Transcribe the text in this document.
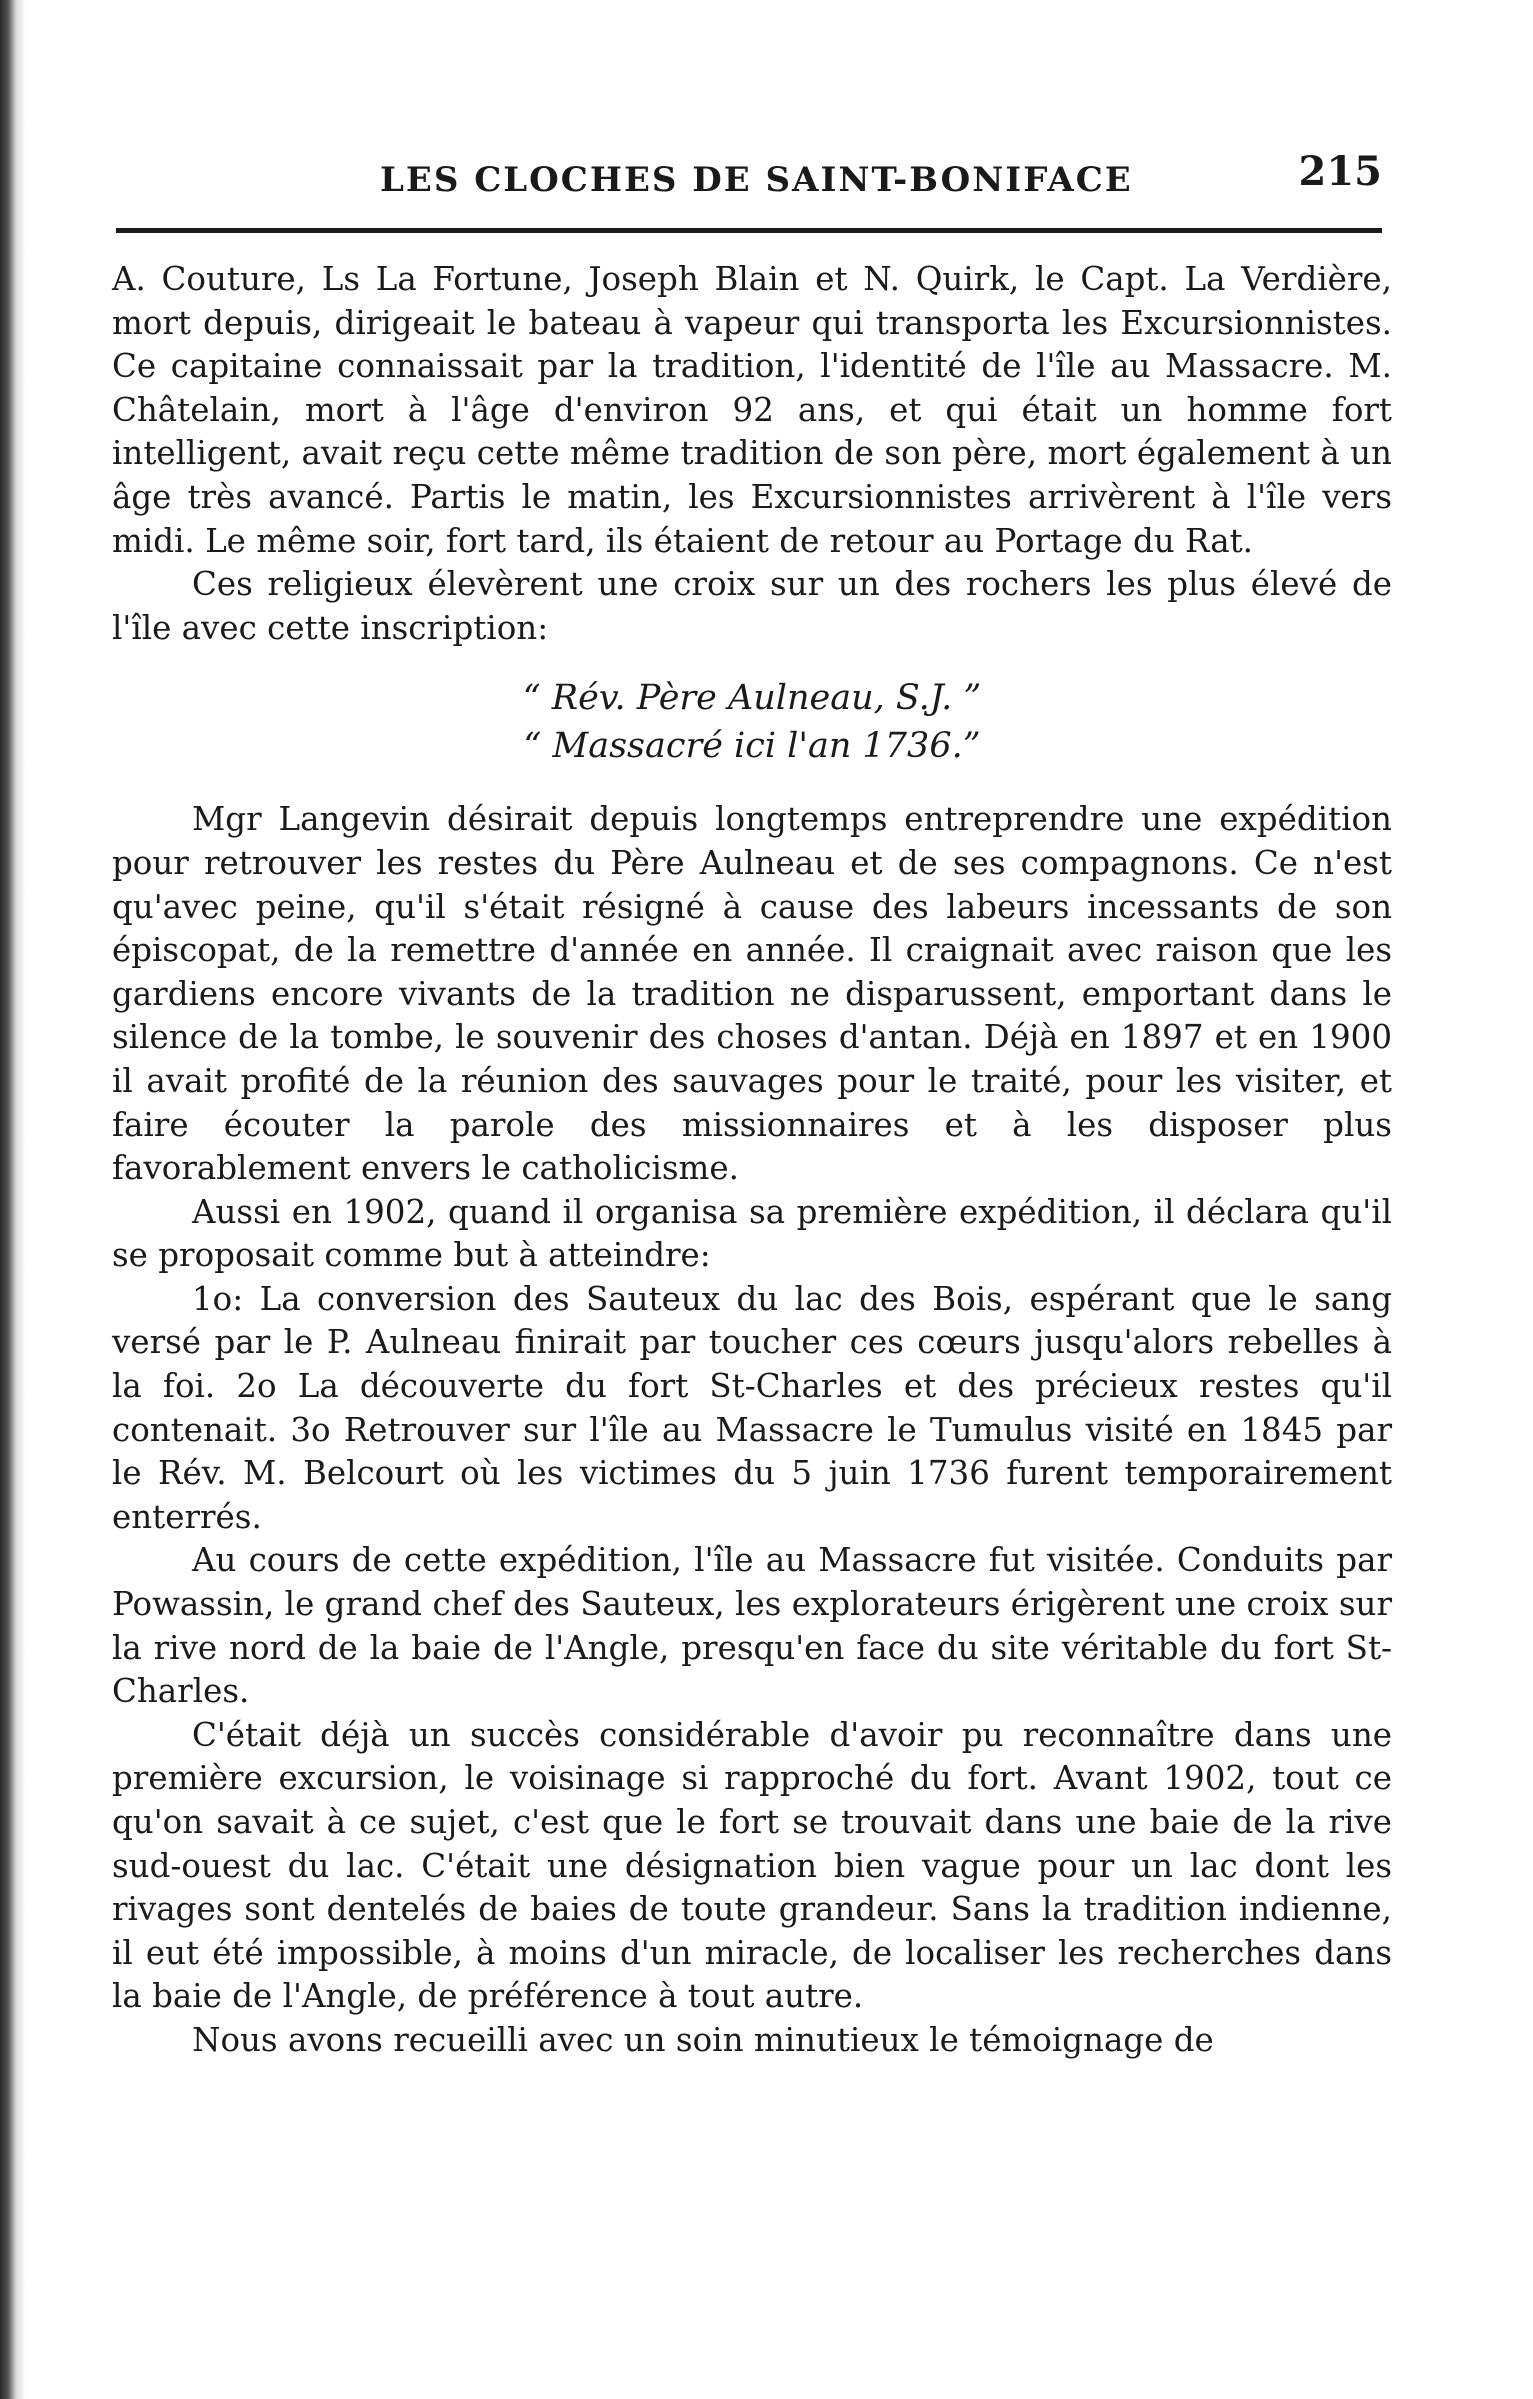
LES CLOCHES DE SAINT-BONIFACE	215

A. Couture, Ls La Fortune, Joseph Blain et N. Quirk, le Capt. La Verdière, mort depuis, dirigeait le bateau à vapeur qui transporta les Excursionnistes. Ce capitaine connaissait par la tradition, l'identité de l'île au Massacre. M. Châtelain, mort à l'âge d'environ 92 ans, et qui était un homme fort intelligent, avait reçu cette même tradition de son père, mort également à un âge très avancé. Partis le matin, les Excursionnistes arrivèrent à l'île vers midi. Le même soir, fort tard, ils étaient de retour au Portage du Rat.

Ces religieux élevèrent une croix sur un des rochers les plus élevé de l'île avec cette inscription:

“ Rév. Père Aulneau, S.J. ”
“ Massacré ici l'an 1736.”

Mgr Langevin désirait depuis longtemps entreprendre une expédition pour retrouver les restes du Père Aulneau et de ses compagnons. Ce n'est qu'avec peine, qu'il s'était résigné à cause des labeurs incessants de son épiscopat, de la remettre d'année en année. Il craignait avec raison que les gardiens encore vivants de la tradition ne disparussent, emportant dans le silence de la tombe, le souvenir des choses d'antan. Déjà en 1897 et en 1900 il avait profité de la réunion des sauvages pour le traité, pour les visiter, et faire écouter la parole des missionnaires et à les disposer plus favorablement envers le catholicisme.

Aussi en 1902, quand il organisa sa première expédition, il déclara qu'il se proposait comme but à atteindre:

1o: La conversion des Sauteux du lac des Bois, espérant que le sang versé par le P. Aulneau finirait par toucher ces cœurs jusqu'alors rebelles à la foi. 2o La découverte du fort St-Charles et des précieux restes qu'il contenait. 3o Retrouver sur l'île au Massacre le Tumulus visité en 1845 par le Rév. M. Belcourt où les victimes du 5 juin 1736 furent temporairement enterrés.

Au cours de cette expédition, l'île au Massacre fut visitée. Conduits par Powassin, le grand chef des Sauteux, les explorateurs érigèrent une croix sur la rive nord de la baie de l'Angle, presqu'en face du site véritable du fort St-Charles.

C'était déjà un succès considérable d'avoir pu reconnaître dans une première excursion, le voisinage si rapproché du fort. Avant 1902, tout ce qu'on savait à ce sujet, c'est que le fort se trouvait dans une baie de la rive sud-ouest du lac. C'était une désignation bien vague pour un lac dont les rivages sont dentelés de baies de toute grandeur. Sans la tradition indienne, il eut été impossible, à moins d'un miracle, de localiser les recherches dans la baie de l'Angle, de préférence à tout autre.

Nous avons recueilli avec un soin minutieux le témoignage de
